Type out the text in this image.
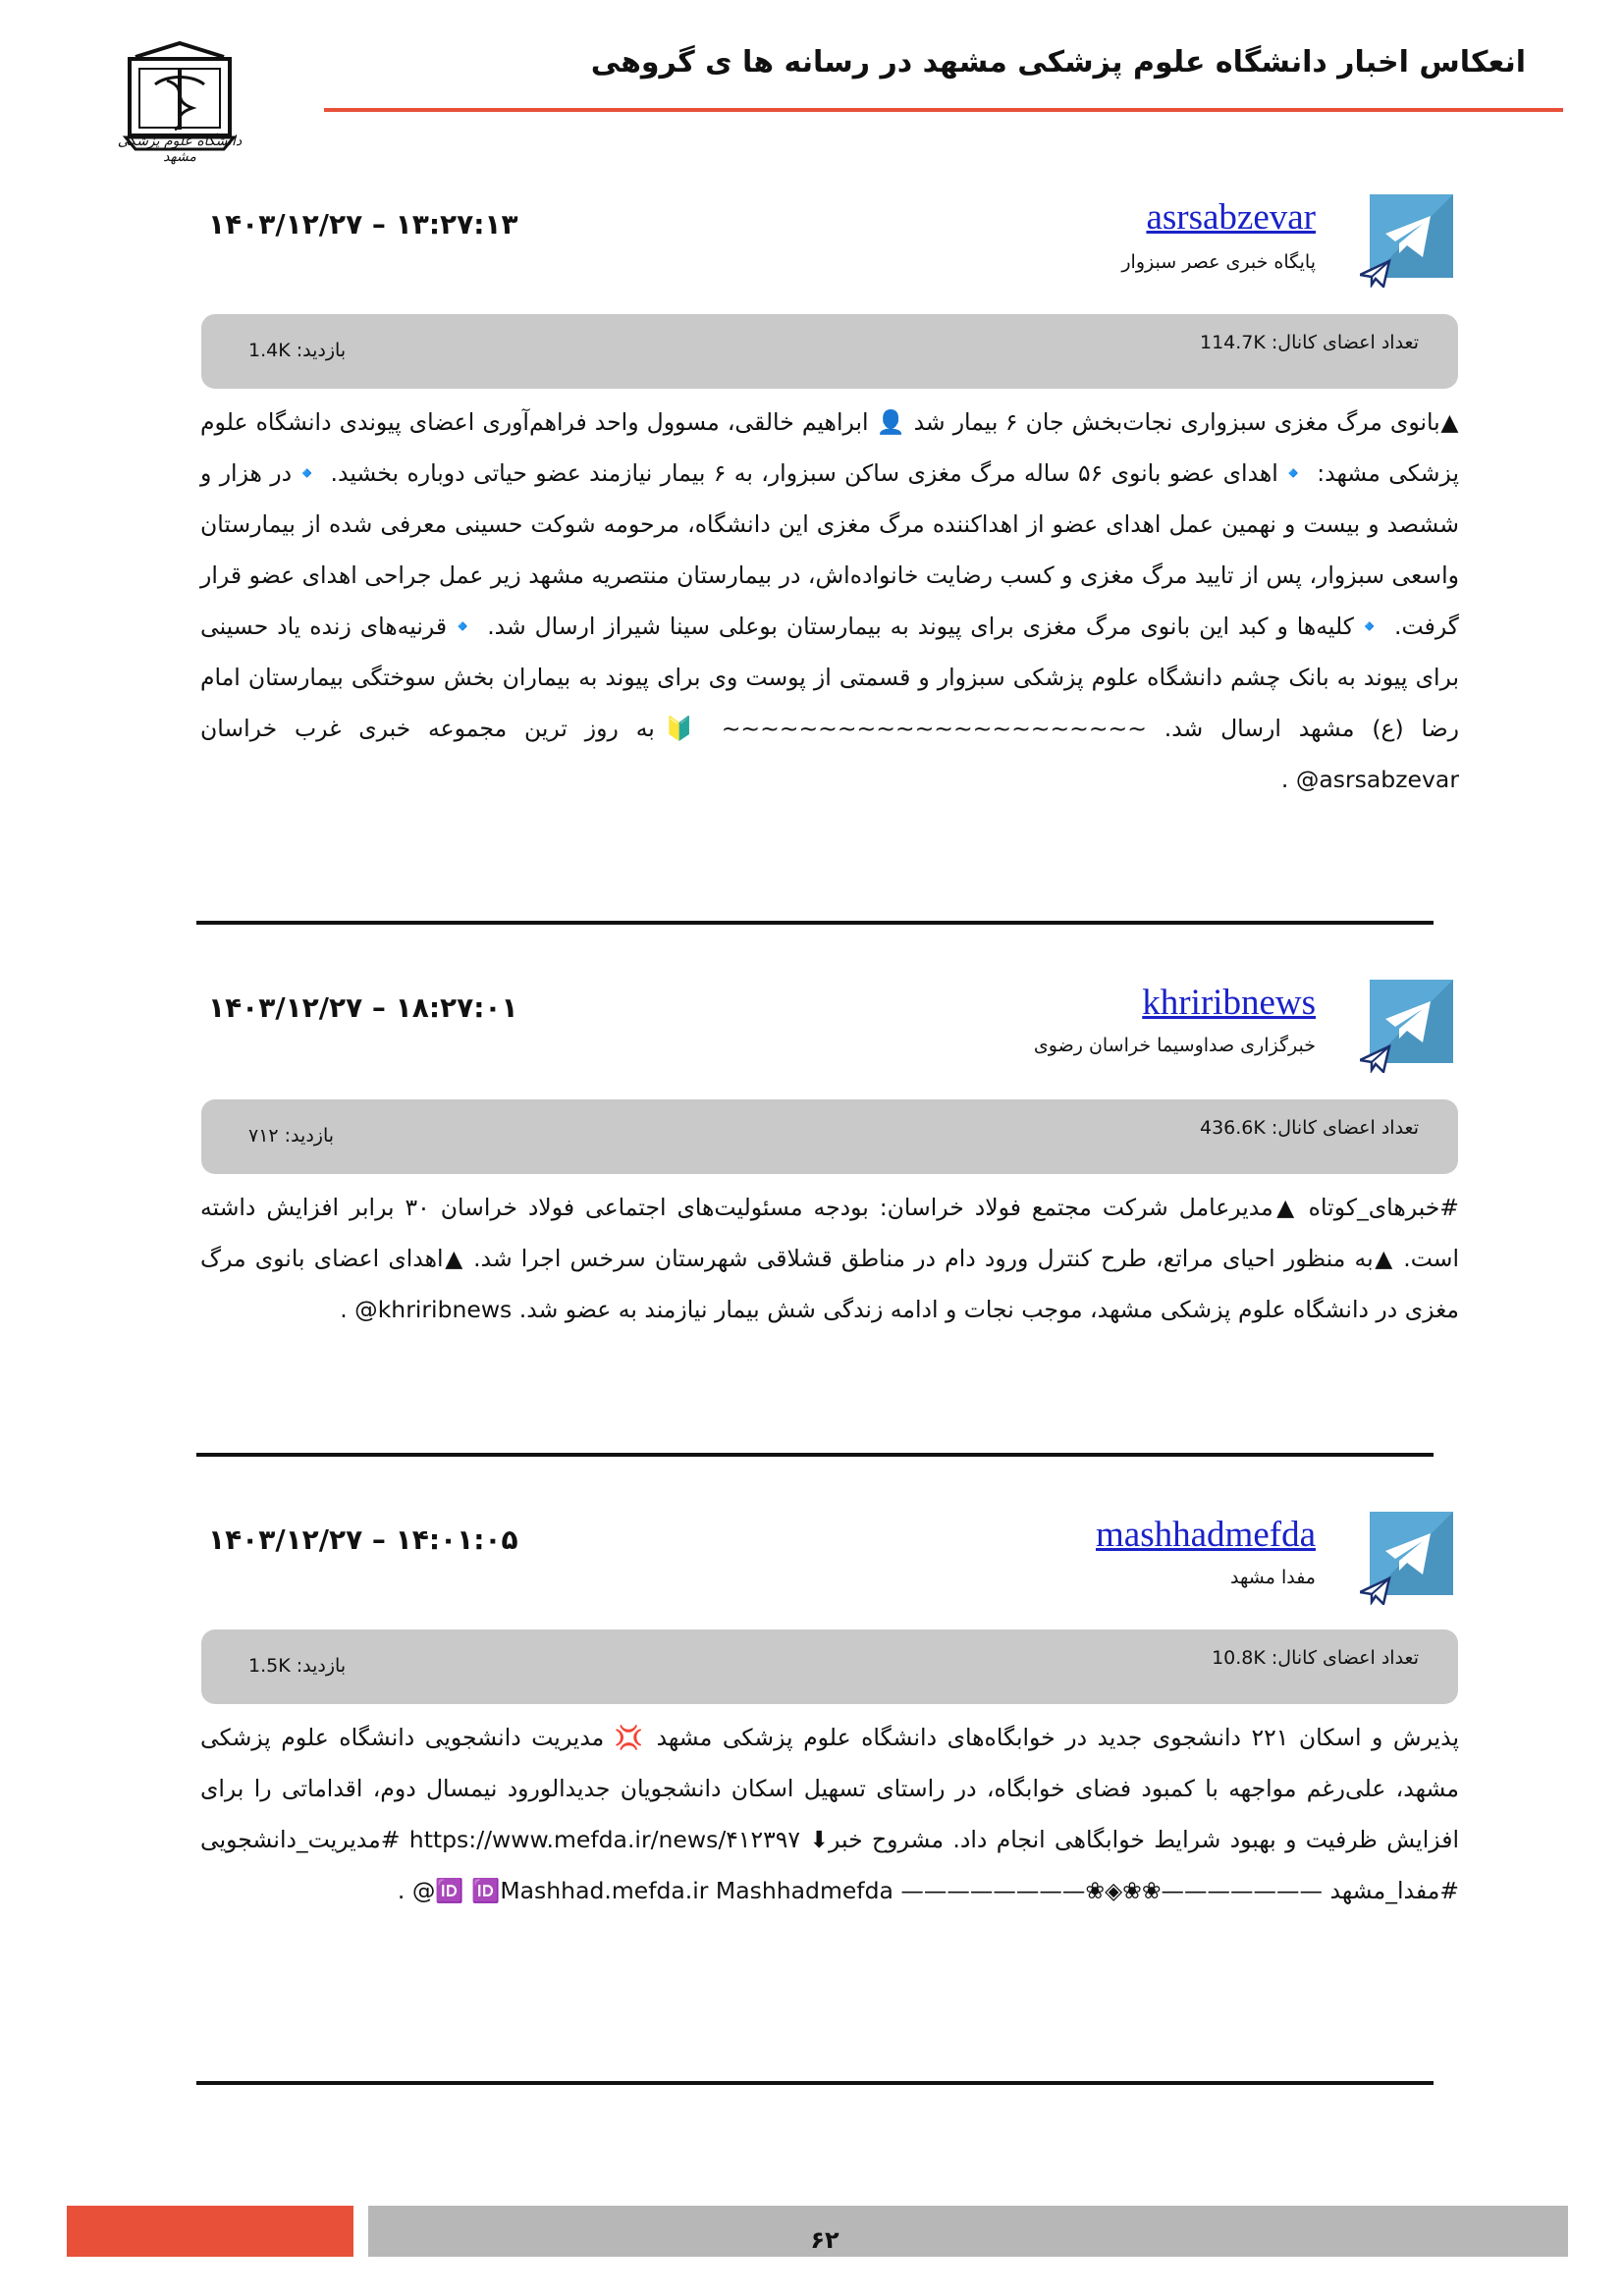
انعکاس اخبار دانشگاه علوم پزشکی مشهد در رسانه ها ی گروهی
دانشگاه علوم پزشکی مشهد
asrsabzevar
پایگاه خبری عصر سبزوار
۱۴۰۳/۱۲/۲۷ – ۱۳:۲۷:۱۳
تعداد اعضای کانال: 114.7K
بازدید: 1.4K
▲بانوی مرگ مغزی سبزواری نجات‌بخش جان ۶ بیمار شد 👤 ابراهیم خالقی، مسوول واحد فراهم‌آوری اعضای پیوندی دانشگاه علوم پزشکی مشهد: 🔹اهدای عضو بانوی ۵۶ ساله مرگ مغزی ساکن سبزوار، به ۶ بیمار نیازمند عضو حیاتی دوباره بخشید. 🔹در هزار و ششصد و بیست و نهمین عمل اهدای عضو از اهداکننده مرگ مغزی این دانشگاه، مرحومه شوکت حسینی معرفی شده از بیمارستان واسعی سبزوار، پس از تایید مرگ مغزی و کسب رضایت خانواده‌اش، در بیمارستان منتصریه مشهد زیر عمل جراحی اهدای عضو قرار گرفت. 🔹کلیه‌ها و کبد این بانوی مرگ مغزی برای پیوند به بیمارستان بوعلی سینا شیراز ارسال شد. 🔹قرنیه‌های زنده یاد حسینی برای پیوند به بانک چشم دانشگاه علوم پزشکی سبزوار و قسمتی از پوست وی برای پیوند به بیماران بخش سوختگی بیمارستان امام رضا (ع) مشهد ارسال شد. ~~~~~~~~~~~~~~~~~~~~~~ 🔰به روز ترین مجموعه خبری غرب خراسان asrsabzevar@ .
khriribnews
خبرگزاری صداوسیما خراسان رضوی
۱۴۰۳/۱۲/۲۷ – ۱۸:۲۷:۰۱
تعداد اعضای کانال: 436.6K
بازدید: ۷۱۲
#خبرهای_کوتاه ▲مدیرعامل شرکت مجتمع فولاد خراسان: بودجه مسئولیت‌های اجتماعی فولاد خراسان ۳۰ برابر افزایش داشته است. ▲به منظور احیای مراتع، طرح کنترل ورود دام در مناطق قشلاقی شهرستان سرخس اجرا شد. ▲اهدای اعضای بانوی مرگ مغزی در دانشگاه علوم پزشکی مشهد، موجب نجات و ادامه زندگی شش بیمار نیازمند به عضو شد. khriribnews@ .
mashhadmefda
مفدا مشهد
۱۴۰۳/۱۲/۲۷ – ۱۴:۰۱:۰۵
تعداد اعضای کانال: 10.8K
بازدید: 1.5K
پذیرش و اسکان ۲۲۱ دانشجوی جدید در خوابگاه‌های دانشگاه علوم پزشکی مشهد 💢 مدیریت دانشجویی دانشگاه علوم پزشکی مشهد، علی‌رغم مواجهه با کمبود فضای خوابگاه، در راستای تسهیل اسکان دانشجویان جدیدالورود نیمسال دوم، اقداماتی را برای افزایش ظرفیت و بهبود شرایط خوابگاهی انجام داد. مشروح خبر⬇ https://www.mefda.ir/news/۴۱۲۳۹۷ #مدیریت_دانشجویی #مفدا_مشهد ———————❀❀◈❀———————— 🆔 🆔Mashhad.mefda.ir Mashhadmefda@ .
۶۲
